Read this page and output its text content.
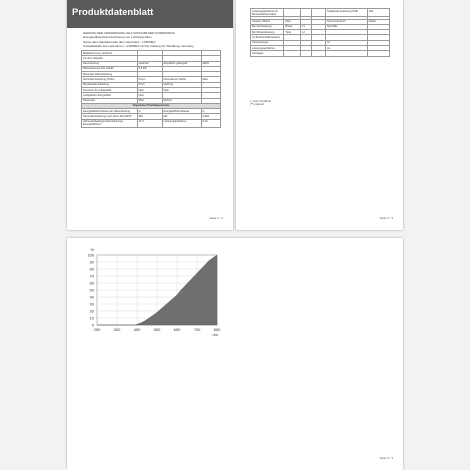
Produktdatenblatt
GEMÄSS DER VERORDNUNG (EU) 2015/1185 DER KOMMISSION
Energieeffizienzkennzeichnung von Luftheizgeräten
Name oder Handelsmarke des Lieferanten : LORIMEX
Kontaktdetails des Lieferanten : LORIMEX GmbH, Kalteng 10, Sandberg, Germany
Modellkennung: HC20-01			
Art der Luftquelle:			
Raumheizung	Lieferbar	Eingebbar gekoppelt	NEIN
Wärmeleistung des Geräts	5.5 kW		
Maximale Wärmeleistung			
Nennwärmeleistung (Stufe)	Pnom	Nennwärme (Stufe)	Wert
Mindestwärmeleistung	Pmin	Heizung	-
Sensoren für Luftqualität	Nein	Nein	
Luftqualität nicht gefiltert	Nein		-
Parameter	Wert	Einheit	
Allgemeine Produktparameter			
Energieeffizienzklasse der Raumheizung	G	Energieeffizienzklasse	G
Nennwärmeleistung nach Norm EN 60675	480	kW	2.983
Jahreszeitbedingte Raumheizungs-Energieeffizienz	27.3	Leistungsaufnahme	9.20
Seite 1 / 3
Leistungsaufnahme im Bereitschaftszustand				Teillastwärmeleistung PSB	199

Außerer Winkel	Wert			Stromverbrauch	Faktor
Bei Nennleistung	Breite	L1		Spezielle	
Bei Mindestleistung	Tiefe	L2			
Im Bereitschaftszustand					
Abmessungen				Ja	
Leistungsaufnahme				Ja	
Sonstiges					
( ) nicht zutreffend
(**) optional
Seite 2 / 3
0
10
20
30
40
50
60
70
80
90
100
200	300	400	500	600	700	800
%
nm
Seite 3 / 3
